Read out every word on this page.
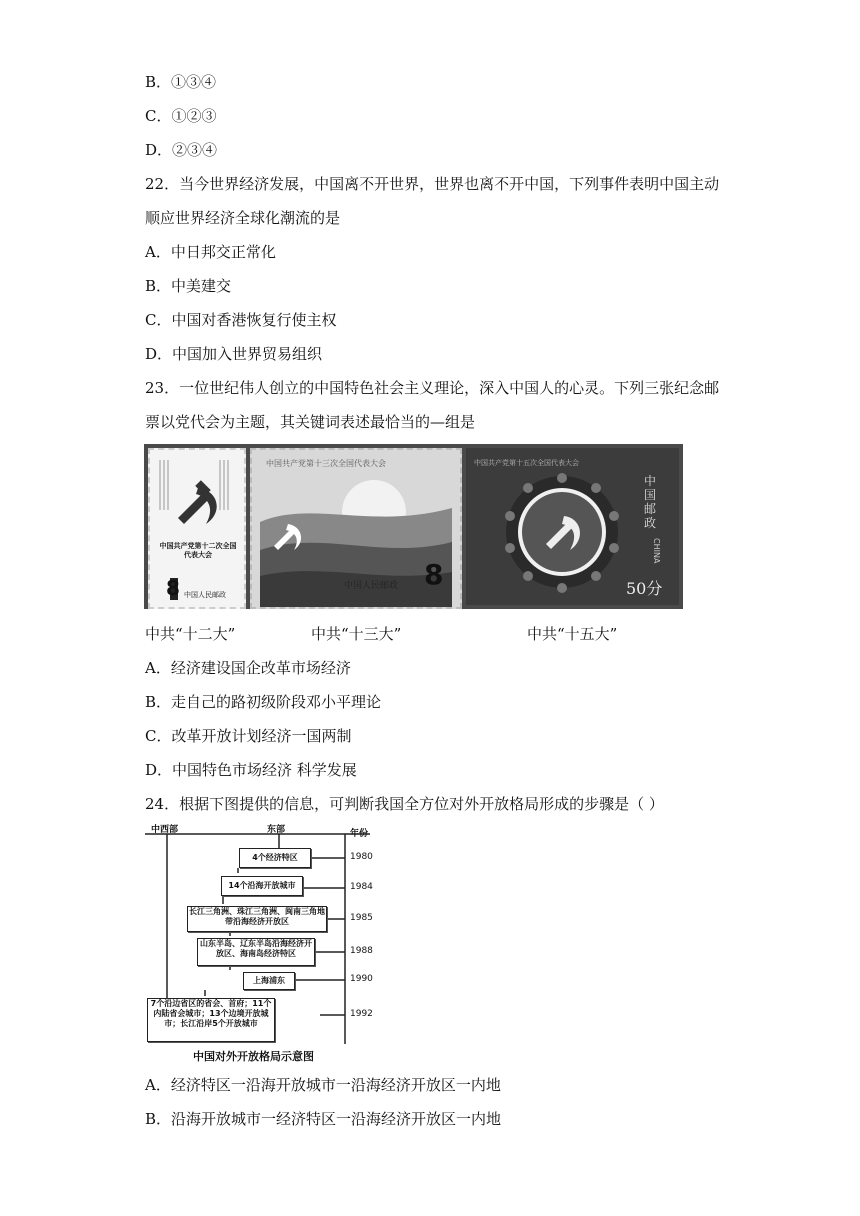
B．①③④
C．①②③
D．②③④
22．当今世界经济发展，中国离不开世界，世界也离不开中国，下列事件表明中国主动
顺应世界经济全球化潮流的是
A．中日邦交正常化
B．中美建交
C．中国对香港恢复行使主权
D．中国加入世界贸易组织
23．一位世纪伟人创立的中国特色社会主义理论，深入中国人的心灵。下列三张纪念邮
票以党代会为主题，其关键词表述最恰当的—组是
中国共产党第十二次全国代表大会
8 中国人民邮政
中国共产党第十三次全国代表大会
8
中国人民邮政
中国共产党第十五次全国代表大会
中国邮政
CHINA
50分
中共“十二大”	中共“十三大”	中共“十五大”
A．经济建设国企改革市场经济
B．走自己的路初级阶段邓小平理论
C．改革开放计划经济一国两制
D．中国特色市场经济 科学发展
24．根据下图提供的信息，可判断我国全方位对外开放格局形成的步骤是（ ）
中西部	东部	年份
4个经济特区
14个沿海开放城市
长江三角洲、珠江三角洲、闽南三角地带沿海经济开放区
山东半岛、辽东半岛沿海经济开放区、海南岛经济特区
上海浦东
7个沿边省区的省会、首府；11个内陆省会城市；13个边境开放城市；长江沿岸5个开放城市
1980
1984
1985
1988
1990
1992
中国对外开放格局示意图
A．经济特区一沿海开放城市一沿海经济开放区一内地
B．沿海开放城市一经济特区一沿海经济开放区一内地
